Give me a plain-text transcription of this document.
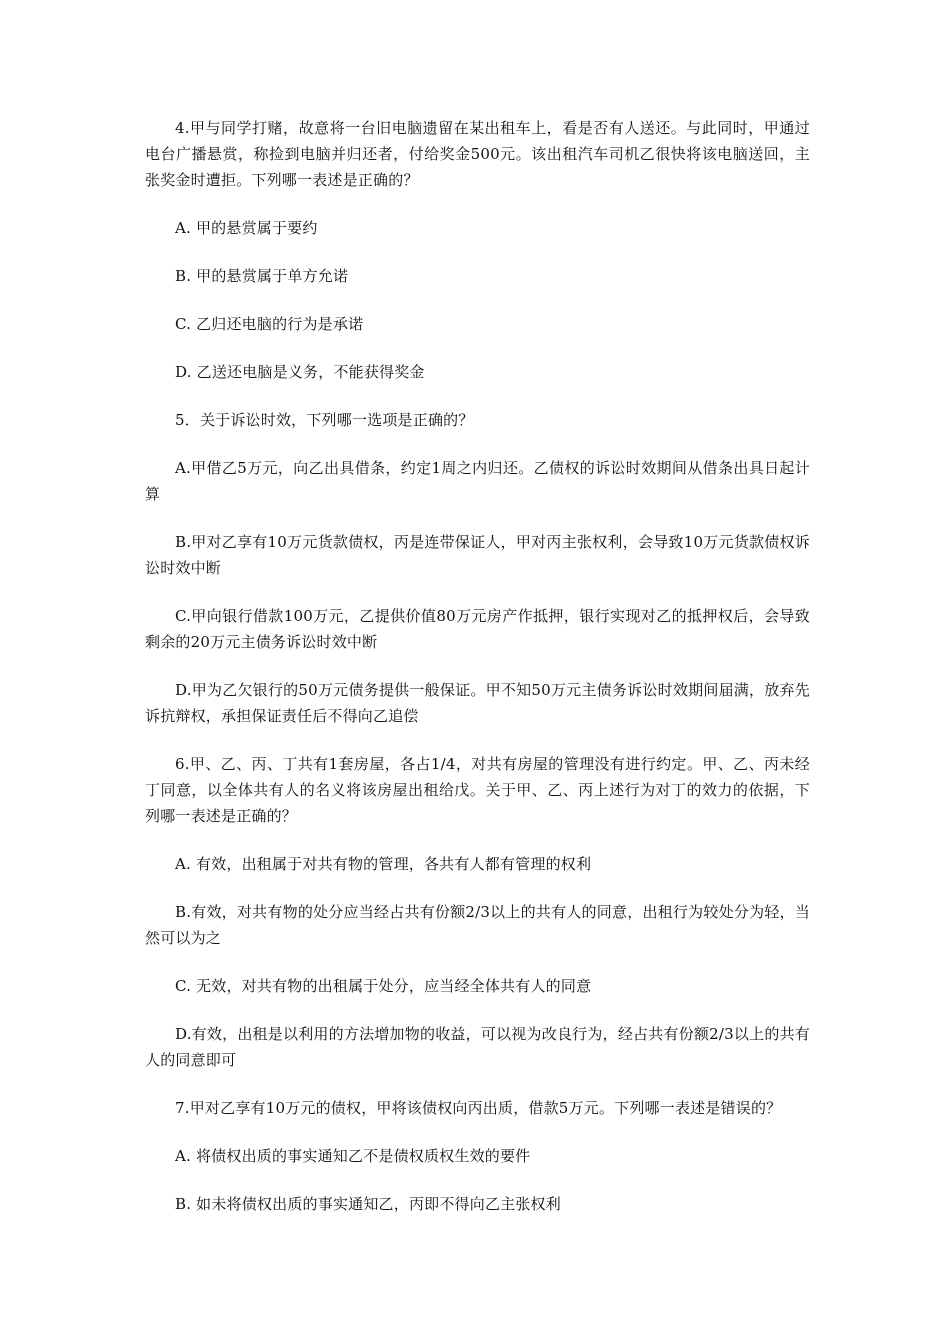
4.甲与同学打赌，故意将一台旧电脑遗留在某出租车上，看是否有人送还。与此同时，甲通过电台广播悬赏，称捡到电脑并归还者，付给奖金500元。该出租汽车司机乙很快将该电脑送回，主张奖金时遭拒。下列哪一表述是正确的？

A. 甲的悬赏属于要约

B. 甲的悬赏属于单方允诺

C. 乙归还电脑的行为是承诺

D. 乙送还电脑是义务，不能获得奖金

5．关于诉讼时效，下列哪一选项是正确的？

A.甲借乙5万元，向乙出具借条，约定1周之内归还。乙债权的诉讼时效期间从借条出具日起计算

B.甲对乙享有10万元货款债权，丙是连带保证人，甲对丙主张权利，会导致10万元货款债权诉讼时效中断

C.甲向银行借款100万元，乙提供价值80万元房产作抵押，银行实现对乙的抵押权后，会导致剩余的20万元主债务诉讼时效中断

D.甲为乙欠银行的50万元债务提供一般保证。甲不知50万元主债务诉讼时效期间届满，放弃先诉抗辩权，承担保证责任后不得向乙追偿

6.甲、乙、丙、丁共有1套房屋，各占1/4，对共有房屋的管理没有进行约定。甲、乙、丙未经丁同意，以全体共有人的名义将该房屋出租给戊。关于甲、乙、丙上述行为对丁的效力的依据，下列哪一表述是正确的？

A. 有效，出租属于对共有物的管理，各共有人都有管理的权利

B.有效，对共有物的处分应当经占共有份额2/3以上的共有人的同意，出租行为较处分为轻，当然可以为之

C. 无效，对共有物的出租属于处分，应当经全体共有人的同意

D.有效，出租是以利用的方法增加物的收益，可以视为改良行为，经占共有份额2/3以上的共有人的同意即可

7.甲对乙享有10万元的债权，甲将该债权向丙出质，借款5万元。下列哪一表述是错误的？

A. 将债权出质的事实通知乙不是债权质权生效的要件

B. 如未将债权出质的事实通知乙，丙即不得向乙主张权利
